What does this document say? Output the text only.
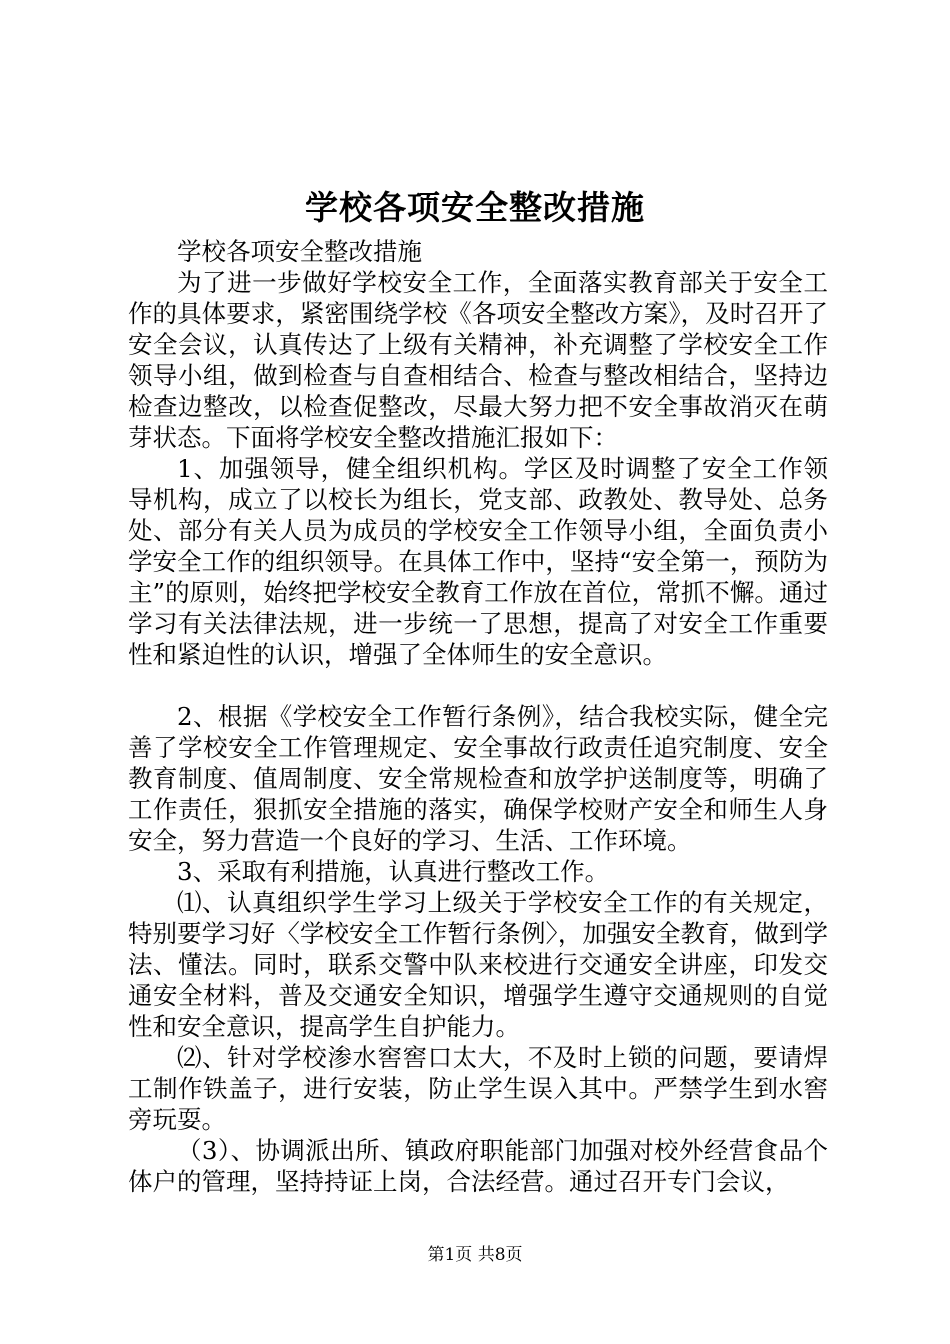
学校各项安全整改措施

学校各项安全整改措施

为了进一步做好学校安全工作，全面落实教育部关于安全工作的具体要求，紧密围绕学校《各项安全整改方案》，及时召开了安全会议，认真传达了上级有关精神，补充调整了学校安全工作领导小组，做到检查与自查相结合、检查与整改相结合，坚持边检查边整改，以检查促整改，尽最大努力把不安全事故消灭在萌芽状态。下面将学校安全整改措施汇报如下：

1、加强领导，健全组织机构。学区及时调整了安全工作领导机构，成立了以校长为组长，党支部、政教处、教导处、总务处、部分有关人员为成员的学校安全工作领导小组，全面负责小学安全工作的组织领导。在具体工作中，坚持“安全第一，预防为主”的原则，始终把学校安全教育工作放在首位，常抓不懈。通过学习有关法律法规，进一步统一了思想，提高了对安全工作重要性和紧迫性的认识，增强了全体师生的安全意识。

2、根据《学校安全工作暂行条例》，结合我校实际，健全完善了学校安全工作管理规定、安全事故行政责任追究制度、安全教育制度、值周制度、安全常规检查和放学护送制度等，明确了工作责任，狠抓安全措施的落实，确保学校财产安全和师生人身安全，努力营造一个良好的学习、生活、工作环境。

3、采取有利措施，认真进行整改工作。

⑴、认真组织学生学习上级关于学校安全工作的有关规定，特别要学习好〈学校安全工作暂行条例〉，加强安全教育，做到学法、懂法。同时，联系交警中队来校进行交通安全讲座，印发交通安全材料，普及交通安全知识，增强学生遵守交通规则的自觉性和安全意识，提高学生自护能力。

⑵、针对学校渗水窖窖口太大，不及时上锁的问题，要请焊工制作铁盖子，进行安装，防止学生误入其中。严禁学生到水窖旁玩耍。

（3）、协调派出所、镇政府职能部门加强对校外经营食品个体户的管理，坚持持证上岗，合法经营。通过召开专门会议，

第1页 共8页
